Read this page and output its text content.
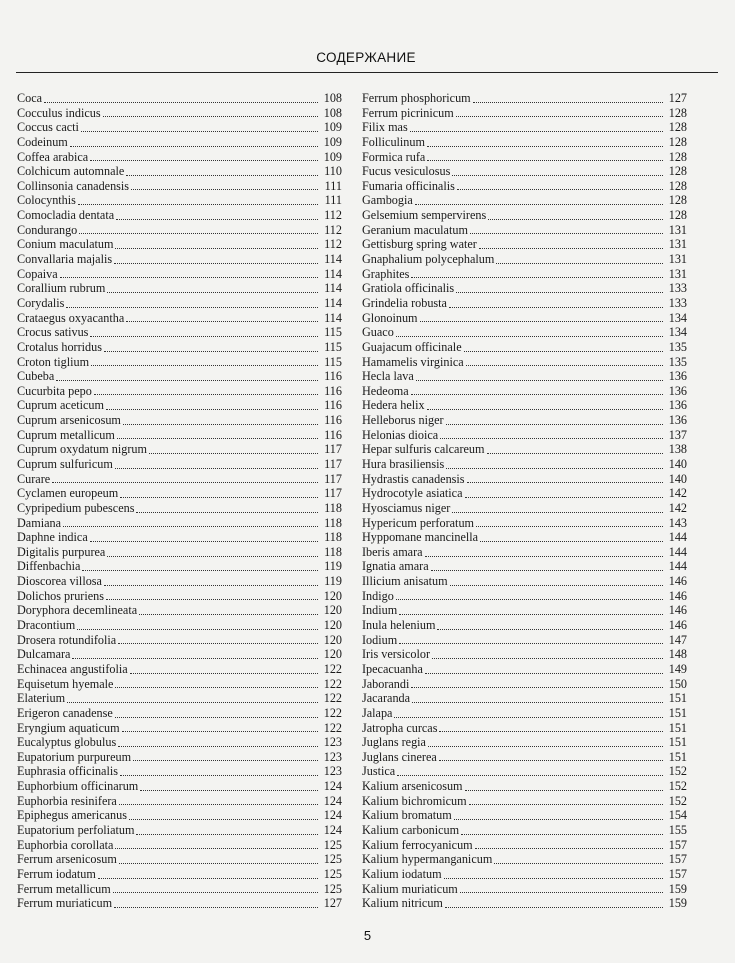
СОДЕРЖАНИЕ
Coca	108
Cocculus indicus	108
Coccus cacti	109
Codeinum	109
Coffea arabica	109
Colchicum automnale	110
Collinsonia canadensis	111
Colocynthis	111
Comocladia dentata	112
Condurango	112
Conium maculatum	112
Convallaria majalis	114
Copaiva	114
Corallium rubrum	114
Corydalis	114
Crataegus oxyacantha	114
Crocus sativus	115
Crotalus horridus	115
Croton tiglium	115
Cubeba	116
Cucurbita pepo	116
Cuprum aceticum	116
Cuprum arsenicosum	116
Cuprum metallicum	116
Cuprum oxydatum nigrum	117
Cuprum sulfuricum	117
Curare	117
Cyclamen europeum	117
Cypripedium pubescens	118
Damiana	118
Daphne indica	118
Digitalis purpurea	118
Diffenbachia	119
Dioscorea villosa	119
Dolichos pruriens	120
Doryphora decemlineata	120
Dracontium	120
Drosera rotundifolia	120
Dulcamara	120
Echinacea angustifolia	122
Equisetum hyemale	122
Elaterium	122
Erigeron canadense	122
Eryngium aquaticum	122
Eucalyptus globulus	123
Eupatorium purpureum	123
Euphrasia officinalis	123
Euphorbium officinarum	124
Euphorbia resinifera	124
Epiphegus americanus	124
Eupatorium perfoliatum	124
Euphorbia corollata	125
Ferrum arsenicosum	125
Ferrum iodatum	125
Ferrum metallicum	125
Ferrum muriaticum	127
Ferrum phosphoricum	127
Ferrum picrinicum	128
Filix mas	128
Folliculinum	128
Formica rufa	128
Fucus vesiculosus	128
Fumaria officinalis	128
Gambogia	128
Gelsemium sempervirens	128
Geranium maculatum	131
Gettisburg spring water	131
Gnaphalium polycephalum	131
Graphites	131
Gratiola officinalis	133
Grindelia robusta	133
Glonoinum	134
Guaco	134
Guajacum officinale	135
Hamamelis virginica	135
Hecla lava	136
Hedeoma	136
Hedera helix	136
Helleborus niger	136
Helonias dioica	137
Hepar sulfuris calcareum	138
Hura brasiliensis	140
Hydrastis canadensis	140
Hydrocotyle asiatica	142
Hyosciamus niger	142
Hypericum perforatum	143
Hyppomane mancinella	144
Iberis amara	144
Ignatia amara	144
Illicium anisatum	146
Indigo	146
Indium	146
Inula helenium	146
Iodium	147
Iris versicolor	148
Ipecacuanha	149
Jaborandi	150
Jacaranda	151
Jalapa	151
Jatropha curcas	151
Juglans regia	151
Juglans cinerea	151
Justica	152
Kalium arsenicosum	152
Kalium bichromicum	152
Kalium bromatum	154
Kalium carbonicum	155
Kalium ferrocyanicum	157
Kalium hypermanganicum	157
Kalium iodatum	157
Kalium muriaticum	159
Kalium nitricum	159
5
